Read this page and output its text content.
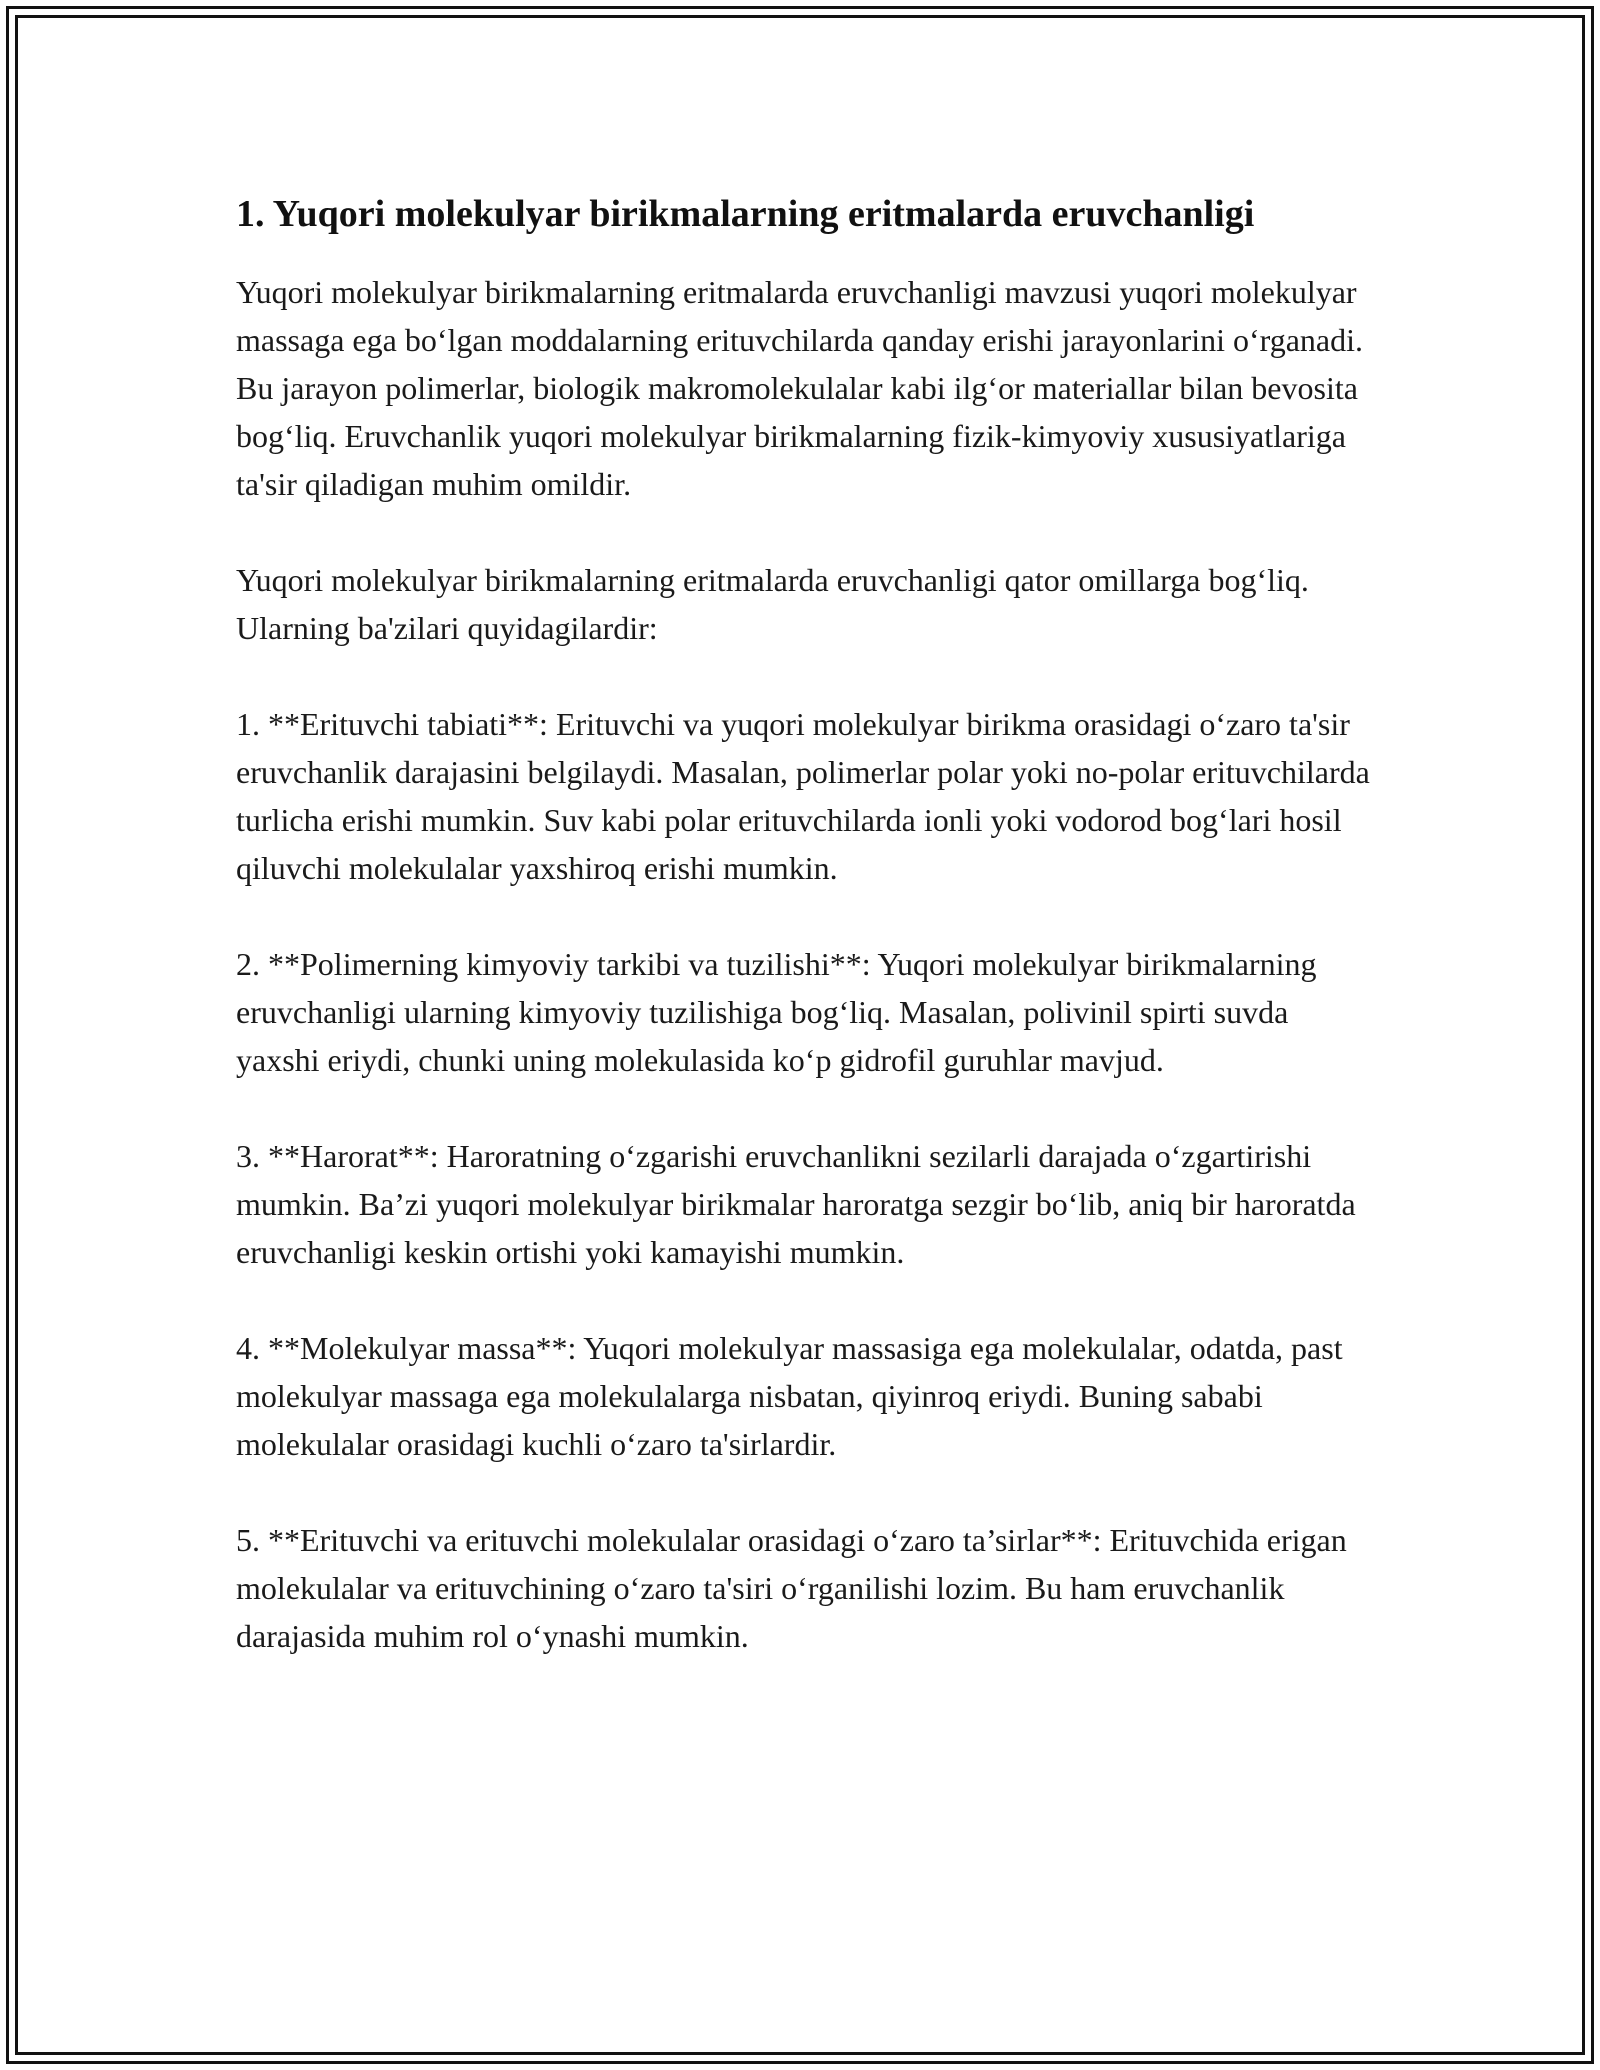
1. Yuqori molekulyar birikmalarning eritmalarda eruvchanligi

Yuqori molekulyar birikmalarning eritmalarda eruvchanligi mavzusi yuqori molekulyar massaga ega boʻlgan moddalarning erituvchilarda qanday erishi jarayonlarini oʻrganadi. Bu jarayon polimerlar, biologik makromolekulalar kabi ilgʻor materiallar bilan bevosita bogʻliq. Eruvchanlik yuqori molekulyar birikmalarning fizik-kimyoviy xususiyatlariga ta'sir qiladigan muhim omildir.

Yuqori molekulyar birikmalarning eritmalarda eruvchanligi qator omillarga bogʻliq. Ularning ba'zilari quyidagilardir:

1. **Erituvchi tabiati**: Erituvchi va yuqori molekulyar birikma orasidagi oʻzaro ta'sir eruvchanlik darajasini belgilaydi. Masalan, polimerlar polar yoki no-polar erituvchilarda turlicha erishi mumkin. Suv kabi polar erituvchilarda ionli yoki vodorod bogʻlari hosil qiluvchi molekulalar yaxshiroq erishi mumkin.

2. **Polimerning kimyoviy tarkibi va tuzilishi**: Yuqori molekulyar birikmalarning eruvchanligi ularning kimyoviy tuzilishiga bogʻliq. Masalan, polivinil spirti suvda yaxshi eriydi, chunki uning molekulasida koʻp gidrofil guruhlar mavjud.

3. **Harorat**: Haroratning oʻzgarishi eruvchanlikni sezilarli darajada oʻzgartirishi mumkin. Ba’zi yuqori molekulyar birikmalar haroratga sezgir boʻlib, aniq bir haroratda eruvchanligi keskin ortishi yoki kamayishi mumkin.

4. **Molekulyar massa**: Yuqori molekulyar massasiga ega molekulalar, odatda, past molekulyar massaga ega molekulalarga nisbatan, qiyinroq eriydi. Buning sababi molekulalar orasidagi kuchli oʻzaro ta'sirlardir.

5. **Erituvchi va erituvchi molekulalar orasidagi oʻzaro ta’sirlar**: Erituvchida erigan molekulalar va erituvchining oʻzaro ta'siri oʻrganilishi lozim. Bu ham eruvchanlik darajasida muhim rol oʻynashi mumkin.
